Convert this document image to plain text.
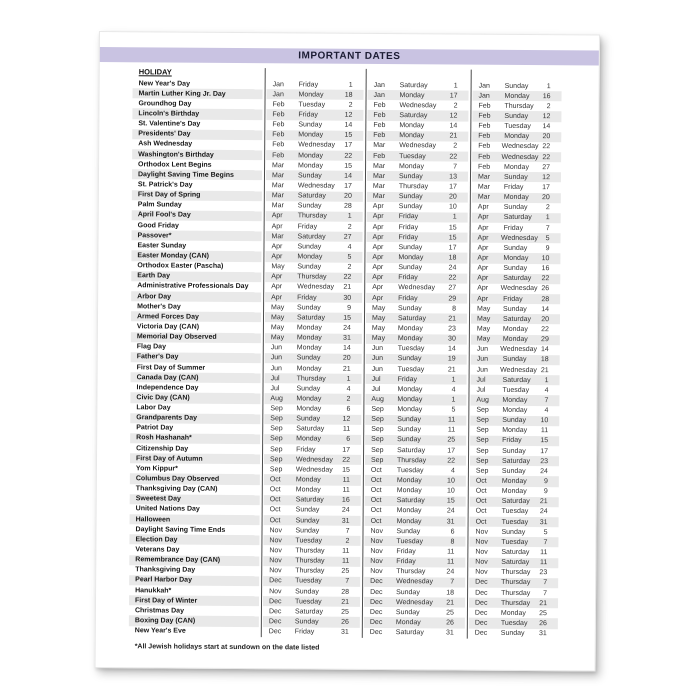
IMPORTANT DATES
HOLIDAY
New Year's Day	Jan	Friday	1	Jan	Saturday	1	Jan	Sunday	1
Martin Luther King Jr. Day	Jan	Monday	18	Jan	Monday	17	Jan	Monday	16
Groundhog Day	Feb	Tuesday	2	Feb	Wednesday	2	Feb	Thursday	2
Lincoln's Birthday	Feb	Friday	12	Feb	Saturday	12	Feb	Sunday	12
St. Valentine's Day	Feb	Sunday	14	Feb	Monday	14	Feb	Tuesday	14
Presidents' Day	Feb	Monday	15	Feb	Monday	21	Feb	Monday	20
Ash Wednesday	Feb	Wednesday	17	Mar	Wednesday	2	Feb	Wednesday 22
Washington's Birthday	Feb	Monday	22	Feb	Tuesday	22	Feb	Wednesday 22
Orthodox Lent Begins	Mar	Monday	15	Mar	Monday	7	Feb	Monday	27
Daylight Saving Time Begins	Mar	Sunday	14	Mar	Sunday	13	Mar	Sunday	12
St. Patrick's Day	Mar	Wednesday	17	Mar	Thursday	17	Mar	Friday	17
First Day of Spring	Mar	Saturday	20	Mar	Sunday	20	Mar	Monday	20
Palm Sunday	Mar	Sunday	28	Apr	Sunday	10	Apr	Sunday	2
April Fool's Day	Apr	Thursday	1	Apr	Friday	1	Apr	Saturday	1
Good Friday	Apr	Friday	2	Apr	Friday	15	Apr	Friday	7
Passover*	Mar	Saturday	27	Apr	Friday	15	Apr	Wednesday	5
Easter Sunday	Apr	Sunday	4	Apr	Sunday	17	Apr	Sunday	9
Easter Monday (CAN)	Apr	Monday	5	Apr	Monday	18	Apr	Monday	10
Orthodox Easter (Pascha)	May	Sunday	2	Apr	Sunday	24	Apr	Sunday	16
Earth Day	Apr	Thursday	22	Apr	Friday	22	Apr	Saturday	22
Administrative Professionals Day	Apr	Wednesday	21	Apr	Wednesday	27	Apr	Wednesday 26
Arbor Day	Apr	Friday	30	Apr	Friday	29	Apr	Friday	28
Mother's Day	May	Sunday	9	May	Sunday	8	May	Sunday	14
Armed Forces Day	May	Saturday	15	May	Saturday	21	May	Saturday	20
Victoria Day (CAN)	May	Monday	24	May	Monday	23	May	Monday	22
Memorial Day Observed	May	Monday	31	May	Monday	30	May	Monday	29
Flag Day	Jun	Monday	14	Jun	Tuesday	14	Jun	Wednesday 14
Father's Day	Jun	Sunday	20	Jun	Sunday	19	Jun	Sunday	18
First Day of Summer	Jun	Monday	21	Jun	Tuesday	21	Jun	Wednesday 21
Canada Day (CAN)	Jul	Thursday	1	Jul	Friday	1	Jul	Saturday	1
Independence Day	Jul	Sunday	4	Jul	Monday	4	Jul	Tuesday	4
Civic Day (CAN)	Aug	Monday	2	Aug	Monday	1	Aug	Monday	7
Labor Day	Sep	Monday	6	Sep	Monday	5	Sep	Monday	4
Grandparents Day	Sep	Sunday	12	Sep	Sunday	11	Sep	Sunday	10
Patriot Day	Sep	Saturday	11	Sep	Sunday	11	Sep	Monday	11
Rosh Hashanah*	Sep	Monday	6	Sep	Sunday	25	Sep	Friday	15
Citizenship Day	Sep	Friday	17	Sep	Saturday	17	Sep	Sunday	17
First Day of Autumn	Sep	Wednesday	22	Sep	Thursday	22	Sep	Saturday	23
Yom Kippur*	Sep	Wednesday	15	Oct	Tuesday	4	Sep	Sunday	24
Columbus Day Observed	Oct	Monday	11	Oct	Monday	10	Oct	Monday	9
Thanksgiving Day (CAN)	Oct	Monday	11	Oct	Monday	10	Oct	Monday	9
Sweetest Day	Oct	Saturday	16	Oct	Saturday	15	Oct	Saturday	21
United Nations Day	Oct	Sunday	24	Oct	Monday	24	Oct	Tuesday	24
Halloween	Oct	Sunday	31	Oct	Monday	31	Oct	Tuesday	31
Daylight Saving Time Ends	Nov	Sunday	7	Nov	Sunday	6	Nov	Sunday	5
Election Day	Nov	Tuesday	2	Nov	Tuesday	8	Nov	Tuesday	7
Veterans Day	Nov	Thursday	11	Nov	Friday	11	Nov	Saturday	11
Remembrance Day (CAN)	Nov	Thursday	11	Nov	Friday	11	Nov	Saturday	11
Thanksgiving Day	Nov	Thursday	25	Nov	Thursday	24	Nov	Thursday	23
Pearl Harbor Day	Dec	Tuesday	7	Dec	Wednesday	7	Dec	Thursday	7
Hanukkah*	Nov	Sunday	28	Dec	Sunday	18	Dec	Thursday	7
First Day of Winter	Dec	Tuesday	21	Dec	Wednesday	21	Dec	Thursday	21
Christmas Day	Dec	Saturday	25	Dec	Sunday	25	Dec	Monday	25
Boxing Day (CAN)	Dec	Sunday	26	Dec	Monday	26	Dec	Tuesday	26
New Year's Eve	Dec	Friday	31	Dec	Saturday	31	Dec	Sunday	31
*All Jewish holidays start at sundown on the date listed
